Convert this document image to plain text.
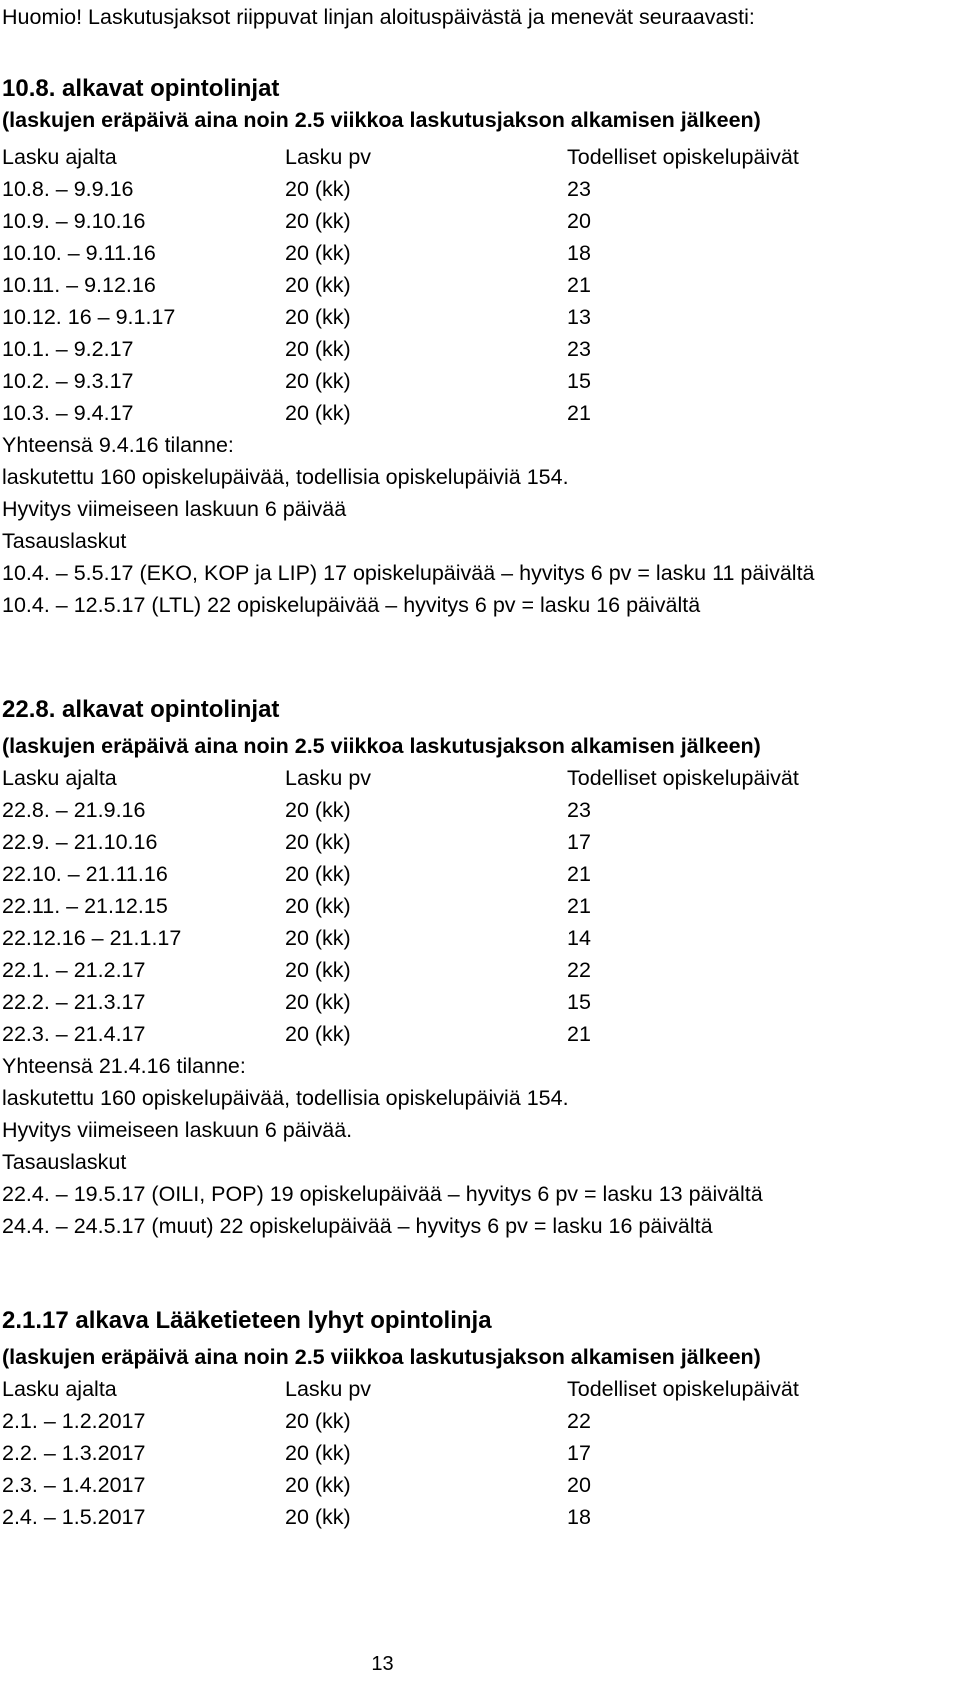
Huomio! Laskutusjaksot riippuvat linjan aloituspäivästä ja menevät seuraavasti:
10.8. alkavat opintolinjat
(laskujen eräpäivä aina noin 2.5 viikkoa laskutusjakson alkamisen jälkeen)
Lasku ajalta	Lasku pv	Todelliset opiskelupäivät
10.8. – 9.9.16	20 (kk)	23
10.9. – 9.10.16	20 (kk)	20
10.10. – 9.11.16	20 (kk)	18
10.11. – 9.12.16	20 (kk)	21
10.12. 16 – 9.1.17	20 (kk)	13
10.1. – 9.2.17	20 (kk)	23
10.2. – 9.3.17	20 (kk)	15
10.3. – 9.4.17	20 (kk)	21
Yhteensä 9.4.16 tilanne:
laskutettu 160 opiskelupäivää, todellisia opiskelupäiviä 154.
Hyvitys viimeiseen laskuun 6 päivää
Tasauslaskut
10.4. – 5.5.17 (EKO, KOP ja LIP) 17 opiskelupäivää – hyvitys 6 pv = lasku 11 päivältä
10.4. – 12.5.17 (LTL) 22 opiskelupäivää – hyvitys 6 pv = lasku 16 päivältä
22.8. alkavat opintolinjat
(laskujen eräpäivä aina noin 2.5 viikkoa laskutusjakson alkamisen jälkeen)
Lasku ajalta	Lasku pv	Todelliset opiskelupäivät
22.8. – 21.9.16	20 (kk)	23
22.9. – 21.10.16	20 (kk)	17
22.10. – 21.11.16	20 (kk)	21
22.11. – 21.12.15	20 (kk)	21
22.12.16 – 21.1.17	20 (kk)	14
22.1. – 21.2.17	20 (kk)	22
22.2. – 21.3.17	20 (kk)	15
22.3. – 21.4.17	20 (kk)	21
Yhteensä 21.4.16 tilanne:
laskutettu 160 opiskelupäivää, todellisia opiskelupäiviä 154.
Hyvitys viimeiseen laskuun 6 päivää.
Tasauslaskut
22.4. – 19.5.17 (OILI, POP) 19 opiskelupäivää – hyvitys 6 pv = lasku 13 päivältä
24.4. – 24.5.17 (muut) 22 opiskelupäivää – hyvitys 6 pv = lasku 16 päivältä
2.1.17 alkava Lääketieteen lyhyt opintolinja
(laskujen eräpäivä aina noin 2.5 viikkoa laskutusjakson alkamisen jälkeen)
Lasku ajalta	Lasku pv	Todelliset opiskelupäivät
2.1. – 1.2.2017	20 (kk)	22
2.2. – 1.3.2017	20 (kk)	17
2.3. – 1.4.2017	20 (kk)	20
2.4. – 1.5.2017	20 (kk)	18
13
